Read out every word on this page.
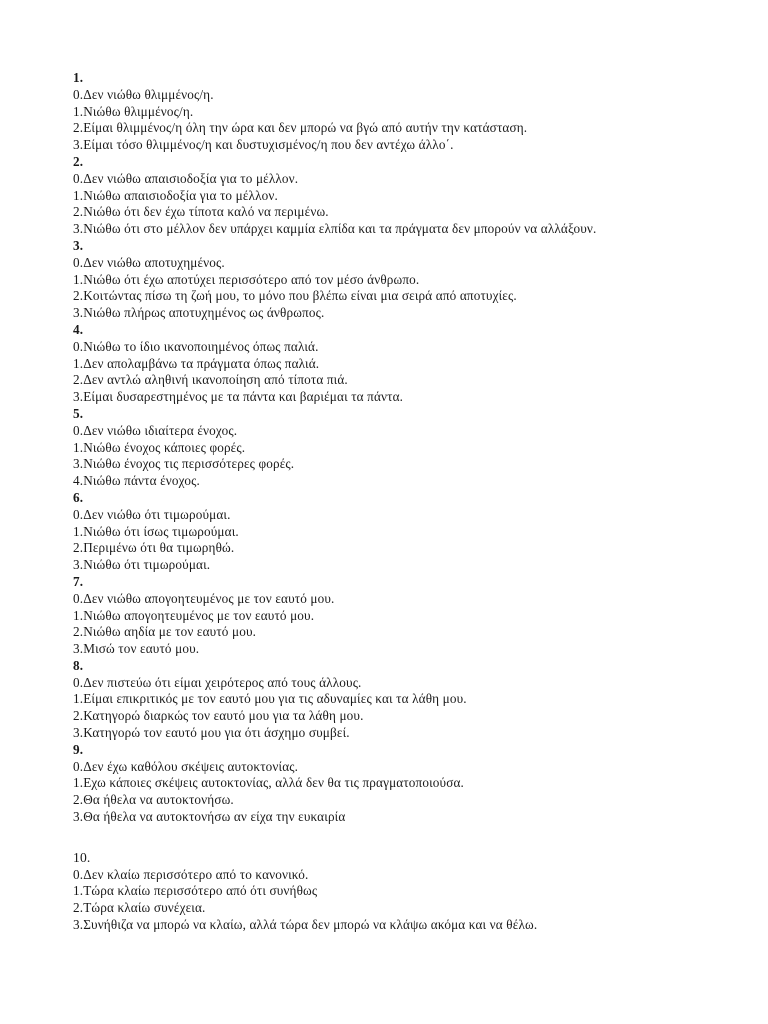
1.
0.Δεν νιώθω θλιμμένος/η.
1.Νιώθω θλιμμένος/η.
2.Είμαι θλιμμένος/η όλη την ώρα και δεν μπορώ να βγώ από αυτήν την κατάσταση.
3.Είμαι τόσο θλιμμένος/η και δυστυχισμένος/η που δεν αντέχω άλλο΄.
2.
0.Δεν νιώθω απαισιοδοξία για το μέλλον.
1.Νιώθω απαισιοδοξία για το μέλλον.
2.Νιώθω ότι δεν έχω τίποτα καλό να περιμένω.
3.Νιώθω ότι στο μέλλον δεν υπάρχει καμμία ελπίδα και τα πράγματα δεν μπορούν να αλλάξουν.
3.
0.Δεν νιώθω αποτυχημένος.
1.Νιώθω ότι έχω αποτύχει περισσότερο από τον μέσο άνθρωπο.
2.Κοιτώντας πίσω τη ζωή μου, το μόνο που βλέπω είναι μια σειρά από αποτυχίες.
3.Νιώθω πλήρως αποτυχημένος ως άνθρωπος.
4.
0.Νιώθω το ίδιο ικανοποιημένος όπως παλιά.
1.Δεν απολαμβάνω τα πράγματα όπως παλιά.
2.Δεν αντλώ αληθινή ικανοποίηση από τίποτα πιά.
3.Είμαι δυσαρεστημένος με τα πάντα και βαριέμαι τα πάντα.
5.
0.Δεν νιώθω ιδιαίτερα ένοχος.
1.Νιώθω ένοχος κάποιες φορές.
3.Νιώθω ένοχος τις περισσότερες φορές.
4.Νιώθω πάντα ένοχος.
6.
0.Δεν νιώθω ότι τιμωρούμαι.
1.Νιώθω ότι ίσως τιμωρούμαι.
2.Περιμένω ότι θα τιμωρηθώ.
3.Νιώθω ότι τιμωρούμαι.
7.
0.Δεν νιώθω απογοητευμένος με τον εαυτό μου.
1.Νιώθω απογοητευμένος με τον εαυτό μου.
2.Νιώθω αηδία με τον εαυτό μου.
3.Μισώ τον εαυτό μου.
8.
0.Δεν πιστεύω ότι είμαι χειρότερος από τους άλλους.
1.Είμαι επικριτικός με τον εαυτό μου για τις αδυναμίες και τα λάθη μου.
2.Κατηγορώ διαρκώς τον εαυτό μου για τα λάθη μου.
3.Κατηγορώ τον εαυτό μου για ότι άσχημο συμβεί.
9.
0.Δεν έχω καθόλου σκέψεις αυτοκτονίας.
1.Εχω κάποιες σκέψεις αυτοκτονίας, αλλά δεν θα τις πραγματοποιούσα.
2.Θα ήθελα να αυτοκτονήσω.
3.Θα ήθελα να αυτοκτονήσω αν είχα την ευκαιρία
10.
0.Δεν κλαίω περισσότερο από το κανονικό.
1.Τώρα κλαίω περισσότερο από ότι συνήθως
2.Τώρα κλαίω συνέχεια.
3.Συνήθιζα να μπορώ να κλαίω, αλλά τώρα δεν μπορώ να κλάψω ακόμα και να θέλω.
